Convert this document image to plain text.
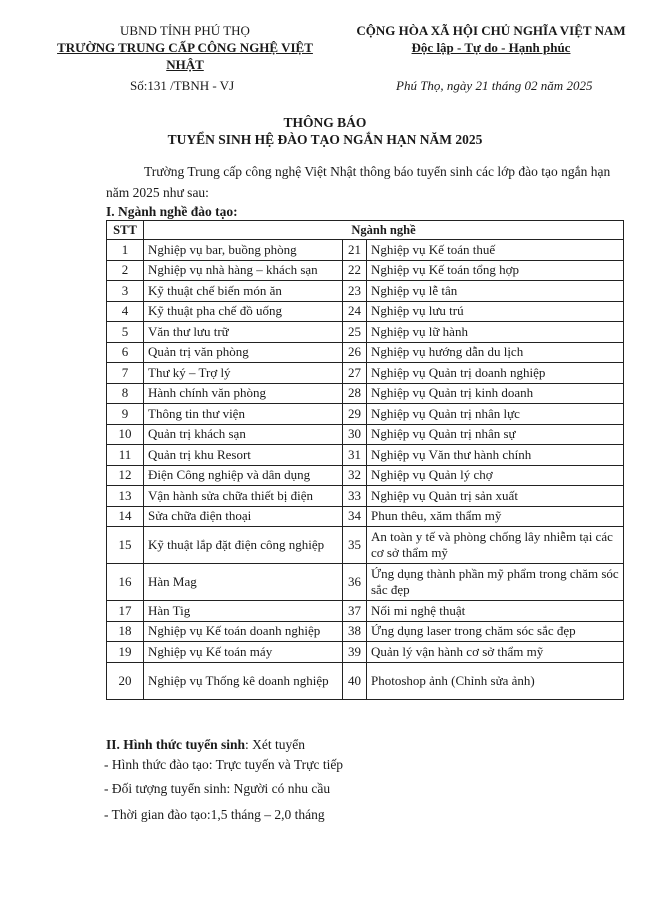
UBND TỈNH PHÚ THỌ
TRƯỜNG TRUNG CẤP CÔNG NGHỆ VIỆT NHẬT
CỘNG HÒA XÃ HỘI CHỦ NGHĨA VIỆT NAM
Độc lập - Tự do - Hạnh phúc
Số:131 /TBNH - VJ	Phú Thọ, ngày 21 tháng 02 năm 2025
THÔNG BÁO
TUYỂN SINH HỆ ĐÀO TẠO NGẮN HẠN NĂM 2025
Trường Trung cấp công nghệ Việt Nhật thông báo tuyển sinh các lớp đào tạo ngắn hạn năm 2025 như sau:
I. Ngành nghề đào tạo:
STT	Ngành nghề		
1	Nghiệp vụ bar, buồng phòng	21	Nghiệp vụ Kế toán thuế
2	Nghiệp vụ nhà hàng – khách sạn	22	Nghiệp vụ Kế toán tổng hợp
3	Kỹ thuật chế biến món ăn	23	Nghiệp vụ lễ tân
4	Kỹ thuật pha chế đồ uống	24	Nghiệp vụ lưu trú
5	Văn thư lưu trữ	25	Nghiệp vụ lữ hành
6	Quản trị văn phòng	26	Nghiệp vụ hướng dẫn du lịch
7	Thư ký – Trợ lý	27	Nghiệp vụ Quản trị doanh nghiệp
8	Hành chính văn phòng	28	Nghiệp vụ Quản trị kinh doanh
9	Thông tin thư viện	29	Nghiệp vụ Quản trị nhân lực
10	Quản trị khách sạn	30	Nghiệp vụ Quản trị nhân sự
11	Quản trị khu Resort	31	Nghiệp vụ Văn thư hành chính
12	Điện Công nghiệp và dân dụng	32	Nghiệp vụ Quản lý chợ
13	Vận hành sửa chữa thiết bị điện	33	Nghiệp vụ Quản trị sản xuất
14	Sửa chữa điện thoại	34	Phun thêu, xăm thẩm mỹ
15	Kỹ thuật lắp đặt điện công nghiệp	35	An toàn y tế và phòng chống lây nhiễm tại các cơ sở thẩm mỹ
16	Hàn Mag	36	Ứng dụng thành phần mỹ phẩm trong chăm sóc sắc đẹp
17	Hàn Tig	37	Nối mi nghệ thuật
18	Nghiệp vụ Kế toán doanh nghiệp	38	Ứng dụng laser trong chăm sóc sắc đẹp
19	Nghiệp vụ Kế toán máy	39	Quản lý vận hành cơ sở thẩm mỹ
20	Nghiệp vụ Thống kê doanh nghiệp	40	Photoshop ảnh (Chỉnh sửa ảnh)
II. Hình thức tuyển sinh: Xét tuyển
- Hình thức đào tạo: Trực tuyến và Trực tiếp
- Đối tượng tuyển sinh: Người có nhu cầu
- Thời gian đào tạo:1,5 tháng – 2,0 tháng
